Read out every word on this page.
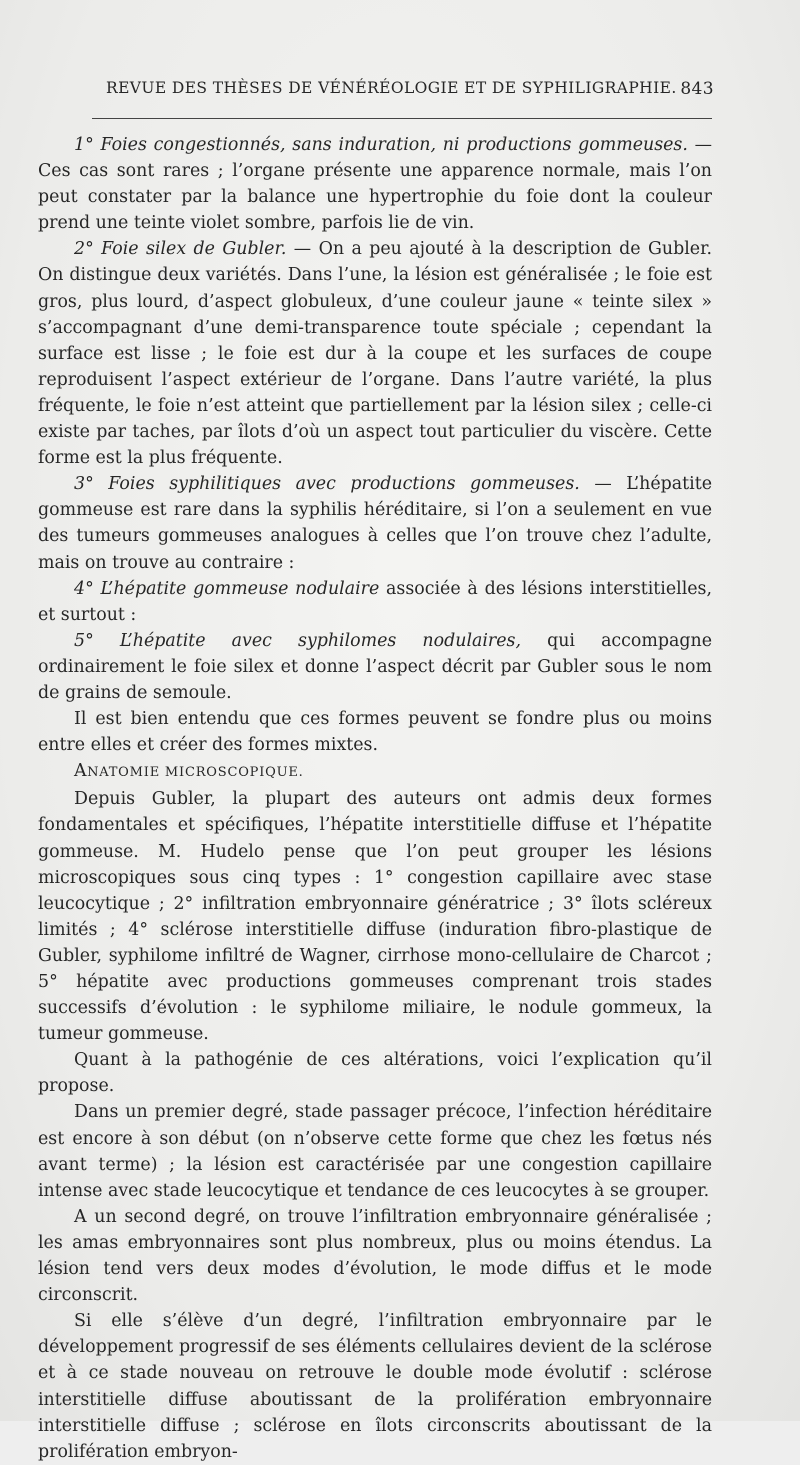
REVUE DES THÈSES DE VÉNÉRÉOLOGIE ET DE SYPHILIGRAPHIE. 843

1° Foies congestionnés, sans induration, ni productions gommeuses. — Ces cas sont rares ; l’organe présente une apparence normale, mais l’on peut constater par la balance une hypertrophie du foie dont la couleur prend une teinte violet sombre, parfois lie de vin.

2° Foie silex de Gubler. — On a peu ajouté à la description de Gubler. On distingue deux variétés. Dans l’une, la lésion est généralisée ; le foie est gros, plus lourd, d’aspect globuleux, d’une couleur jaune « teinte silex » s’accompagnant d’une demi-transparence toute spéciale ; cependant la surface est lisse ; le foie est dur à la coupe et les surfaces de coupe reproduisent l’aspect extérieur de l’organe. Dans l’autre variété, la plus fréquente, le foie n’est atteint que partiellement par la lésion silex ; celle-ci existe par taches, par îlots d’où un aspect tout particulier du viscère. Cette forme est la plus fréquente.

3° Foies syphilitiques avec productions gommeuses. — L’hépatite gommeuse est rare dans la syphilis héréditaire, si l’on a seulement en vue des tumeurs gommeuses analogues à celles que l’on trouve chez l’adulte, mais on trouve au contraire :

4° L’hépatite gommeuse nodulaire associée à des lésions interstitielles, et surtout :

5° L’hépatite avec syphilomes nodulaires, qui accompagne ordinairement le foie silex et donne l’aspect décrit par Gubler sous le nom de grains de semoule.

Il est bien entendu que ces formes peuvent se fondre plus ou moins entre elles et créer des formes mixtes.

ANATOMIE MICROSCOPIQUE.

Depuis Gubler, la plupart des auteurs ont admis deux formes fondamentales et spécifiques, l’hépatite interstitielle diffuse et l’hépatite gommeuse. M. Hudelo pense que l’on peut grouper les lésions microscopiques sous cinq types : 1° congestion capillaire avec stase leucocytique ; 2° infiltration embryonnaire génératrice ; 3° îlots scléreux limités ; 4° sclérose interstitielle diffuse (induration fibro-plastique de Gubler, syphilome infiltré de Wagner, cirrhose mono-cellulaire de Charcot ; 5° hépatite avec productions gommeuses comprenant trois stades successifs d’évolution : le syphilome miliaire, le nodule gommeux, la tumeur gommeuse.

Quant à la pathogénie de ces altérations, voici l’explication qu’il propose.

Dans un premier degré, stade passager précoce, l’infection héréditaire est encore à son début (on n’observe cette forme que chez les fœtus nés avant terme) ; la lésion est caractérisée par une congestion capillaire intense avec stade leucocytique et tendance de ces leucocytes à se grouper.

A un second degré, on trouve l’infiltration embryonnaire généralisée ; les amas embryonnaires sont plus nombreux, plus ou moins étendus. La lésion tend vers deux modes d’évolution, le mode diffus et le mode circonscrit.

Si elle s’élève d’un degré, l’infiltration embryonnaire par le développement progressif de ses éléments cellulaires devient de la sclérose et à ce stade nouveau on retrouve le double mode évolutif : sclérose interstitielle diffuse aboutissant de la prolifération embryonnaire interstitielle diffuse ; sclérose en îlots circonscrits aboutissant de la prolifération embryon-
